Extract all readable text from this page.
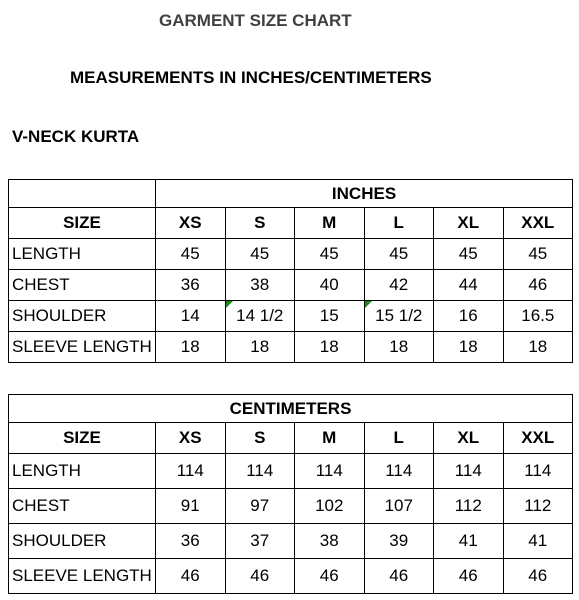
GARMENT SIZE CHART
MEASUREMENTS IN INCHES/CENTIMETERS
V-NECK KURTA
	INCHES					
SIZE	XS	S	M	L	XL	XXL
LENGTH	45	45	45	45	45	45
CHEST	36	38	40	42	44	46
SHOULDER	14	14 1/2	15	15 1/2	16	16.5
SLEEVE LENGTH	18	18	18	18	18	18
CENTIMETERS						
SIZE	XS	S	M	L	XL	XXL
LENGTH	114	114	114	114	114	114
CHEST	91	97	102	107	112	112
SHOULDER	36	37	38	39	41	41
SLEEVE LENGTH	46	46	46	46	46	46
